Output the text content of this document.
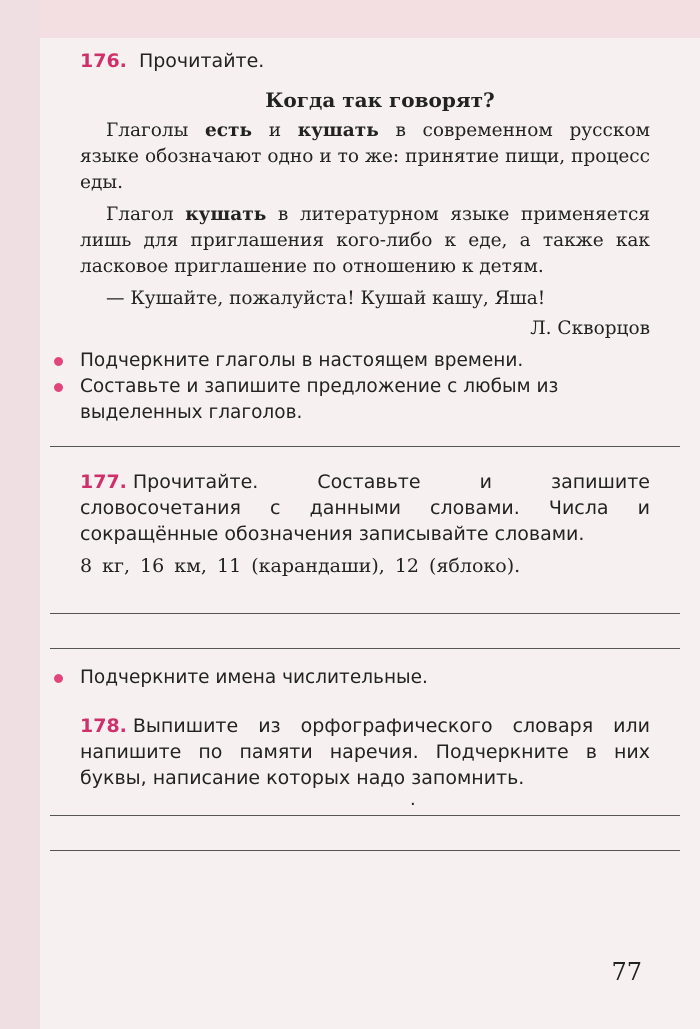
176. Прочитайте.

Когда так говорят?

Глаголы есть и кушать в современном русском языке обозначают одно и то же: принятие пищи, процесс еды.

Глагол кушать в литературном языке применяется лишь для приглашения кого-либо к еде, а также как ласковое приглашение по отношению к детям.

— Кушайте, пожалуйста! Кушай кашу, Яша!

Л. Скворцов

Подчеркните глаголы в настоящем времени.

Составьте и запишите предложение с любым из выделенных глаголов.

177. Прочитайте. Составьте и запишите словосочетания с данными словами. Числа и сокращённые обозначения записывайте словами.

8 кг, 16 км, 11 (карандаши), 12 (яблоко).

Подчеркните имена числительные.

178. Выпишите из орфографического словаря или напишите по памяти наречия. Подчеркните в них буквы, написание которых надо запомнить.

.
77
